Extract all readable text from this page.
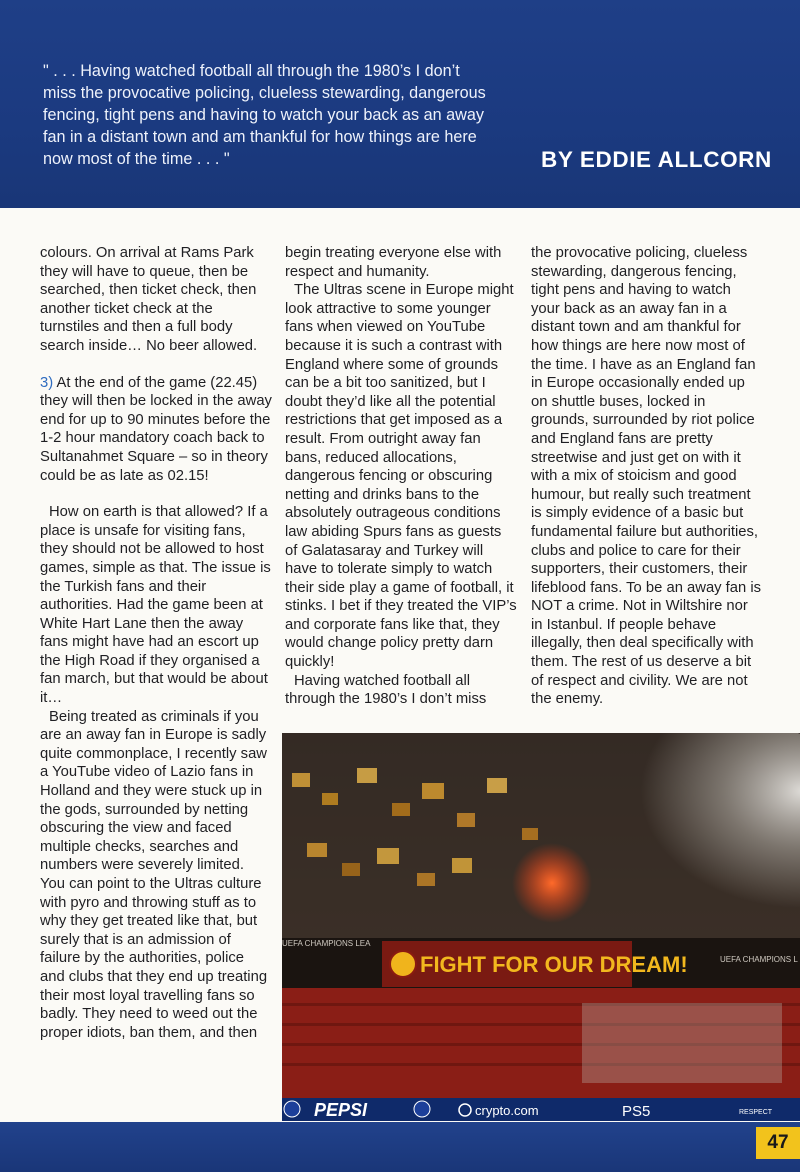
" . . . Having watched football all through the 1980’s I don’t miss the provocative policing, clueless stewarding, dangerous fencing, tight pens and having to watch your back as an away fan in a distant town and am thankful for how things are here now most of the time . . . "	BY EDDIE ALLCORN

colours. On arrival at Rams Park they will have to queue, then be searched, then ticket check, then another ticket check at the turnstiles and then a full body search inside… No beer allowed.

3) At the end of the game (22.45) they will then be locked in the away end for up to 90 minutes before the 1-2 hour mandatory coach back to Sultanahmet Square – so in theory could be as late as 02.15!

How on earth is that allowed? If a place is unsafe for visiting fans, they should not be allowed to host games, simple as that. The issue is the Turkish fans and their authorities. Had the game been at White Hart Lane then the away fans might have had an escort up the High Road if they organised a fan march, but that would be about it…

Being treated as criminals if you are an away fan in Europe is sadly quite commonplace, I recently saw a YouTube video of Lazio fans in Holland and they were stuck up in the gods, surrounded by netting obscuring the view and faced multiple checks, searches and numbers were severely limited. You can point to the Ultras culture with pyro and throwing stuff as to why they get treated like that, but surely that is an admission of failure by the authorities, police and clubs that they end up treating their most loyal travelling fans so badly. They need to weed out the proper idiots, ban them, and then

begin treating everyone else with respect and humanity.

The Ultras scene in Europe might look attractive to some younger fans when viewed on YouTube because it is such a contrast with England where some of grounds can be a bit too sanitized, but I doubt they’d like all the potential restrictions that get imposed as a result. From outright away fan bans, reduced allocations, dangerous fencing or obscuring netting and drinks bans to the absolutely outrageous conditions law abiding Spurs fans as guests of Galatasaray and Turkey will have to tolerate simply to watch their side play a game of football, it stinks. I bet if they treated the VIP’s and corporate fans like that, they would change policy pretty darn quickly!

Having watched football all through the 1980’s I don’t miss

the provocative policing, clueless stewarding, dangerous fencing, tight pens and having to watch your back as an away fan in a distant town and am thankful for how things are here now most of the time. I have as an England fan in Europe occasionally ended up on shuttle buses, locked in grounds, surrounded by riot police and England fans are pretty streetwise and just get on with it with a mix of stoicism and good humour, but really such treatment is simply evidence of a basic but fundamental failure but authorities, clubs and police to care for their supporters, their customers, their lifeblood fans. To be an away fan is NOT a crime. Not in Wiltshire nor in Istanbul. If people behave illegally, then deal specifically with them. The rest of us deserve a bit of respect and civility. We are not the enemy.

UEFA CHAMPIONS LEA
UEFA CHAMPIONS L
FIGHT FOR OUR DREAM!
PEPSI	crypto.com	PS5	RESPECT
47
